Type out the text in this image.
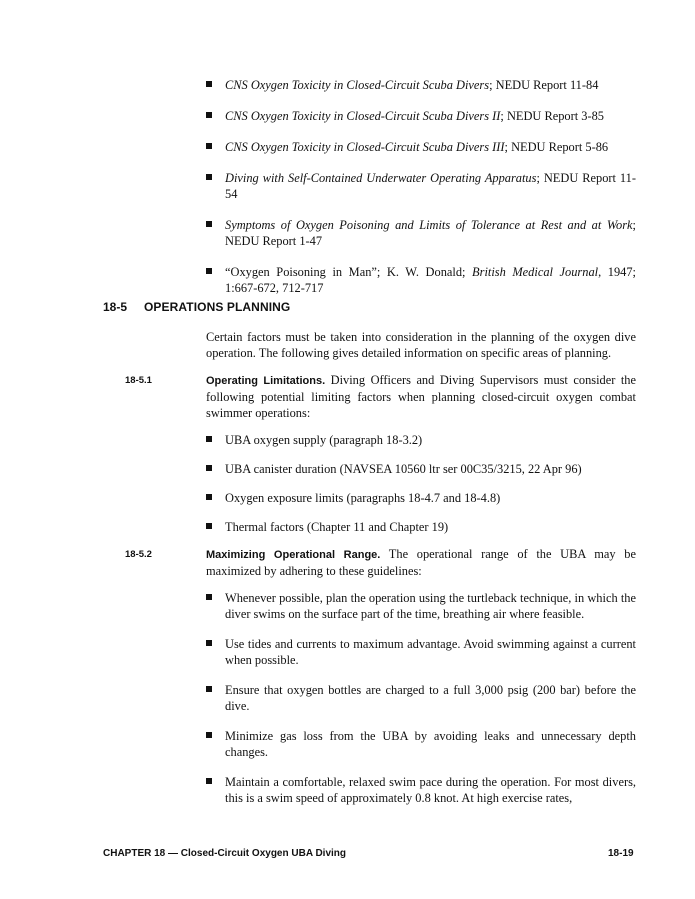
CNS Oxygen Toxicity in Closed-Circuit Scuba Divers; NEDU Report 11-84

CNS Oxygen Toxicity in Closed-Circuit Scuba Divers II; NEDU Report 3-85

CNS Oxygen Toxicity in Closed-Circuit Scuba Divers III; NEDU Report 5-86

Diving with Self-Contained Underwater Operating Apparatus; NEDU Report 11-54

Symptoms of Oxygen Poisoning and Limits of Tolerance at Rest and at Work; NEDU Report 1-47

“Oxygen Poisoning in Man”; K. W. Donald; British Medical Journal, 1947; 1:667-672, 712-717

18-5 OPERATIONS PLANNING
Certain factors must be taken into consideration in the planning of the oxygen dive operation. The following gives detailed information on specific areas of planning.
18-5.1	Operating Limitations. Diving Officers and Diving Supervisors must consider the following potential limiting factors when planning closed-circuit oxygen combat swimmer operations:

UBA oxygen supply (paragraph 18-3.2)

UBA canister duration (NAVSEA 10560 ltr ser 00C35/3215, 22 Apr 96)

Oxygen exposure limits (paragraphs 18-4.7 and 18-4.8)

Thermal factors (Chapter 11 and Chapter 19)

18-5.2	Maximizing Operational Range. The operational range of the UBA may be maximized by adhering to these guidelines:

Whenever possible, plan the operation using the turtleback technique, in which the diver swims on the surface part of the time, breathing air where feasible.

Use tides and currents to maximum advantage. Avoid swimming against a current when possible.

Ensure that oxygen bottles are charged to a full 3,000 psig (200 bar) before the dive.

Minimize gas loss from the UBA by avoiding leaks and unnecessary depth changes.

Maintain a comfortable, relaxed swim pace during the operation. For most divers, this is a swim speed of approximately 0.8 knot. At high exercise rates,

CHAPTER 18 — Closed-Circuit Oxygen UBA Diving	18-19
